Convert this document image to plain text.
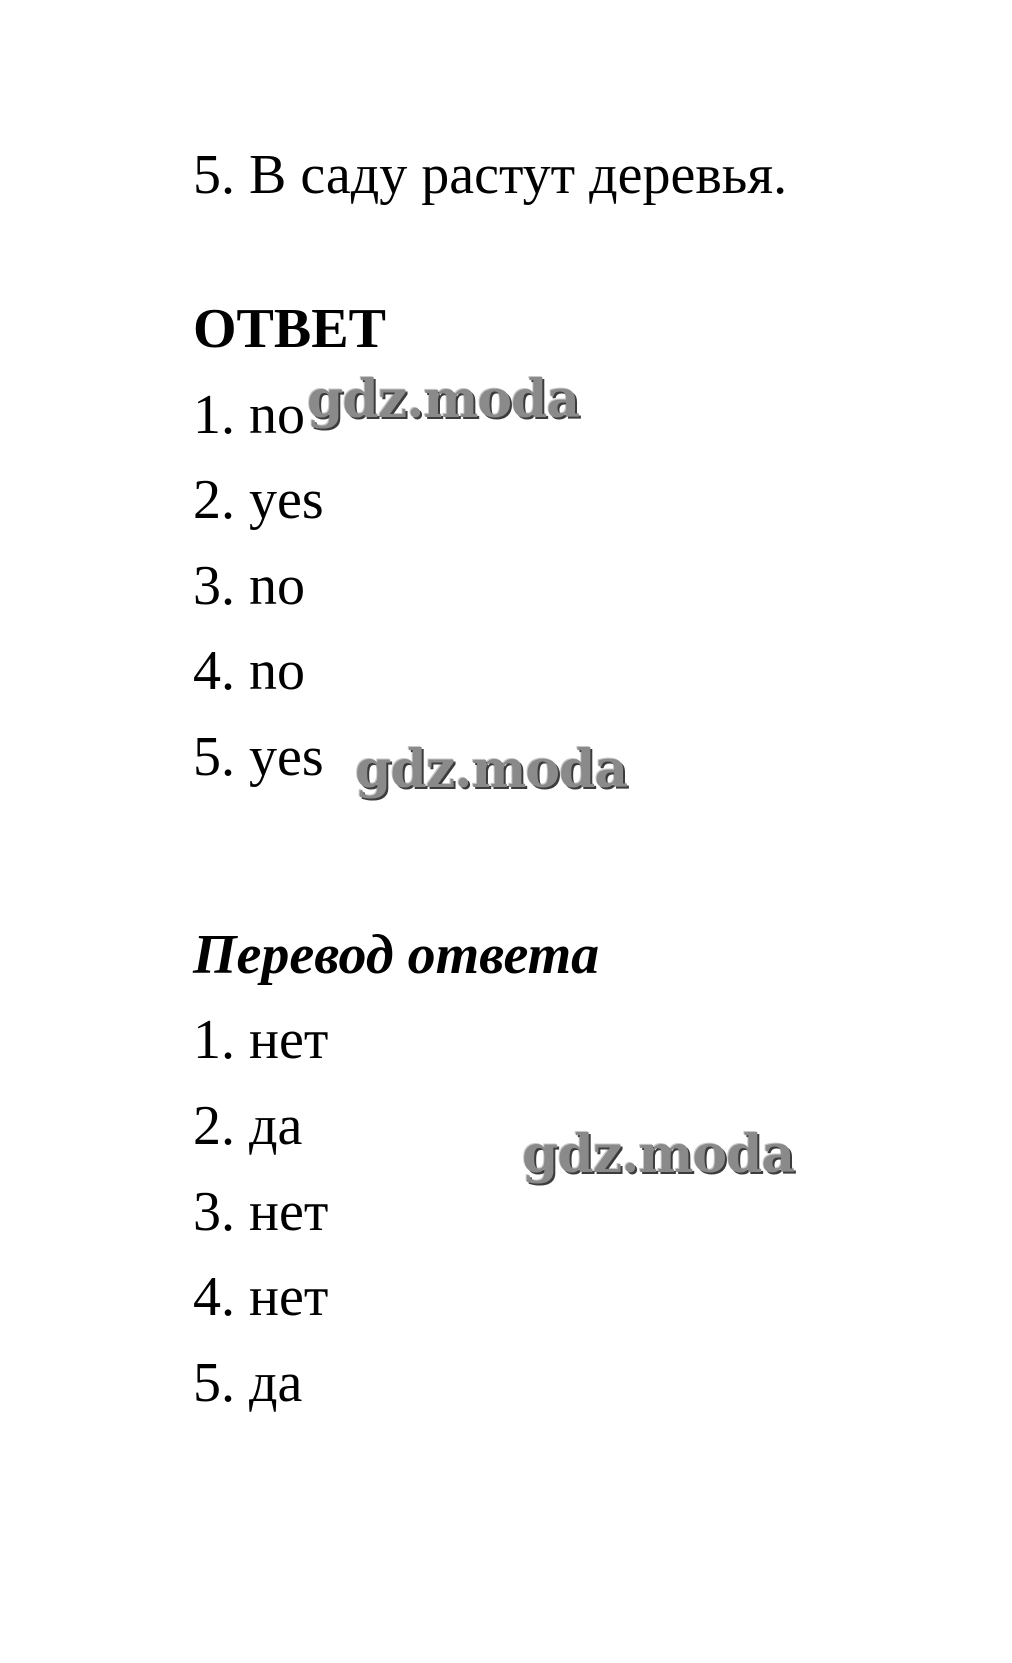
5. В саду растут деревья.
ОТВЕТ
1. no
2. yes
3. no
4. no
5. yes
Перевод ответа
1. нет
2. да
3. нет
4. нет
5. да
gdz.moda
gdz.moda
gdz.moda
